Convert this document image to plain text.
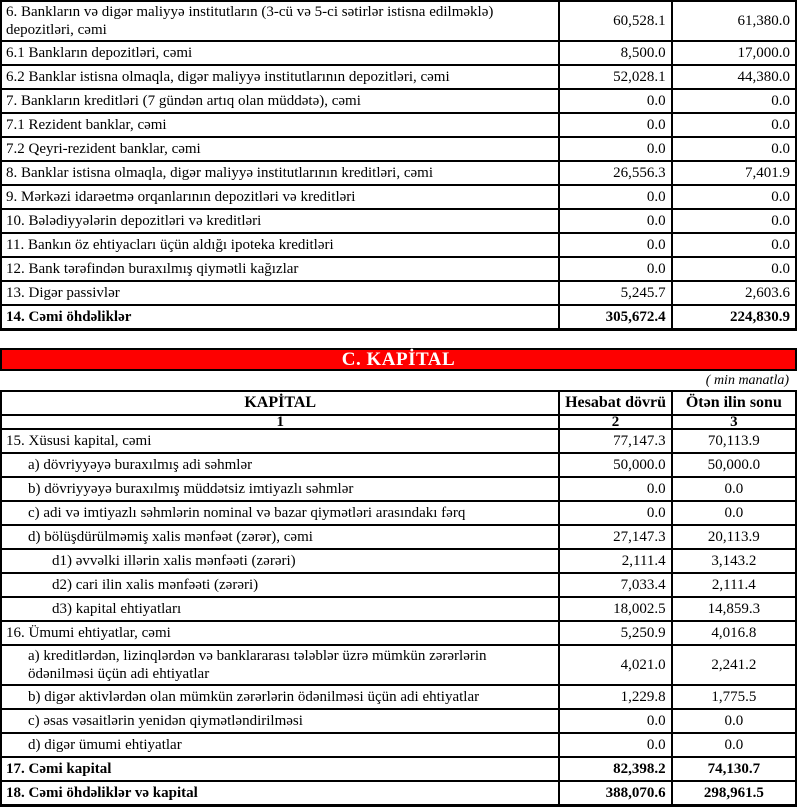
6. Bankların və digər maliyyə institutların (3-cü və 5-ci sətirlər istisna edilməklə) depozitləri, cəmi	60,528.1	61,380.0
6.1 Bankların depozitləri, cəmi	8,500.0	17,000.0
6.2 Banklar istisna olmaqla, digər maliyyə institutlarının depozitləri, cəmi	52,028.1	44,380.0
7. Bankların kreditləri (7 gündən artıq olan müddətə), cəmi	0.0	0.0
7.1 Rezident banklar, cəmi	0.0	0.0
7.2 Qeyri-rezident banklar, cəmi	0.0	0.0
8. Banklar istisna olmaqla, digər maliyyə institutlarının kreditləri, cəmi	26,556.3	7,401.9
9. Mərkəzi idarəetmə orqanlarının depozitləri və kreditləri	0.0	0.0
10. Bələdiyyələrin depozitləri və kreditləri	0.0	0.0
11. Bankın öz ehtiyacları üçün aldığı ipoteka kreditləri	0.0	0.0
12. Bank tərəfindən buraxılmış qiymətli kağızlar	0.0	0.0
13. Digər passivlər	5,245.7	2,603.6
14. Cəmi öhdəliklər	305,672.4	224,830.9
C. KAPİTAL
( min manatla)
KAPİTAL	Hesabat dövrü	Ötən ilin sonu
1	2	3
15. Xüsusi kapital, cəmi	77,147.3	70,113.9
a) dövriyyəyə buraxılmış adi səhmlər	50,000.0	50,000.0
b) dövriyyəyə buraxılmış müddətsiz imtiyazlı səhmlər	0.0	0.0
c) adi və imtiyazlı səhmlərin nominal və bazar qiymətləri arasındakı fərq	0.0	0.0
d) bölüşdürülməmiş xalis mənfəət (zərər), cəmi	27,147.3	20,113.9
d1) əvvəlki illərin xalis mənfəəti (zərəri)	2,111.4	3,143.2
d2) cari ilin xalis mənfəəti (zərəri)	7,033.4	2,111.4
d3) kapital ehtiyatları	18,002.5	14,859.3
16. Ümumi ehtiyatlar, cəmi	5,250.9	4,016.8
a) kreditlərdən, lizinqlərdən və banklararası tələblər üzrə mümkün zərərlərin ödənilməsi üçün adi ehtiyatlar	4,021.0	2,241.2
b) digər aktivlərdən olan mümkün zərərlərin ödənilməsi üçün adi ehtiyatlar	1,229.8	1,775.5
c) əsas vəsaitlərin yenidən qiymətləndirilməsi	0.0	0.0
d) digər ümumi ehtiyatlar	0.0	0.0
17. Cəmi kapital	82,398.2	74,130.7
18. Cəmi öhdəliklər və kapital	388,070.6	298,961.5
